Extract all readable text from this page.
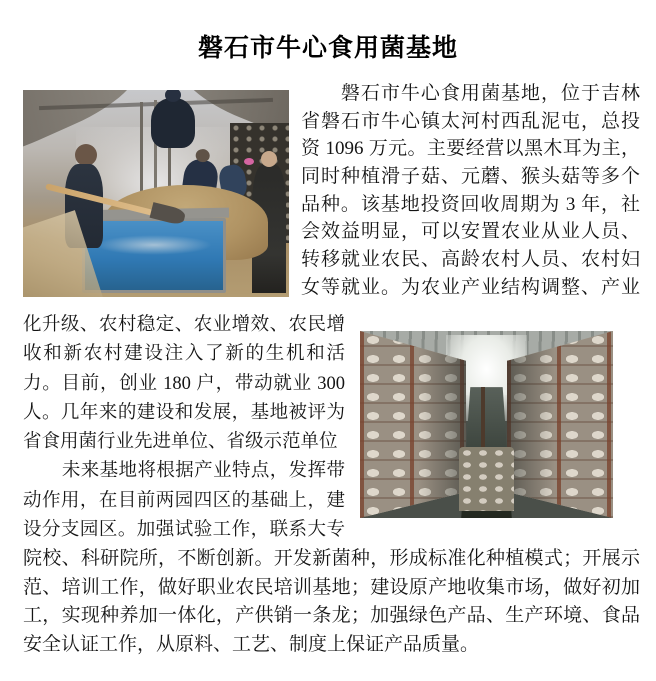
磐石市牛心食用菌基地
磐石市牛心食用菌基地，位于吉林
省磐石市牛心镇太河村西乱泥屯，总投
资 1096 万元。主要经营以黑木耳为主，
同时种植滑子菇、元蘑、猴头菇等多个
品种。该基地投资回收周期为 3 年，社
会效益明显，可以安置农业从业人员、
转移就业农民、高龄农村人员、农村妇
女等就业。为农业产业结构调整、产业
化升级、农村稳定、农业增效、农民增
收和新农村建设注入了新的生机和活
力。目前，创业 180 户，带动就业 300
人。几年来的建设和发展，基地被评为
省食用菌行业先进单位、省级示范单位
未来基地将根据产业特点，发挥带
动作用，在目前两园四区的基础上，建
设分支园区。加强试验工作，联系大专
院校、科研院所，不断创新。开发新菌种，形成标准化种植模式；开展示
范、培训工作，做好职业农民培训基地；建设原产地收集市场，做好初加
工，实现种养加一体化，产供销一条龙；加强绿色产品、生产环境、食品
安全认证工作，从原料、工艺、制度上保证产品质量。
